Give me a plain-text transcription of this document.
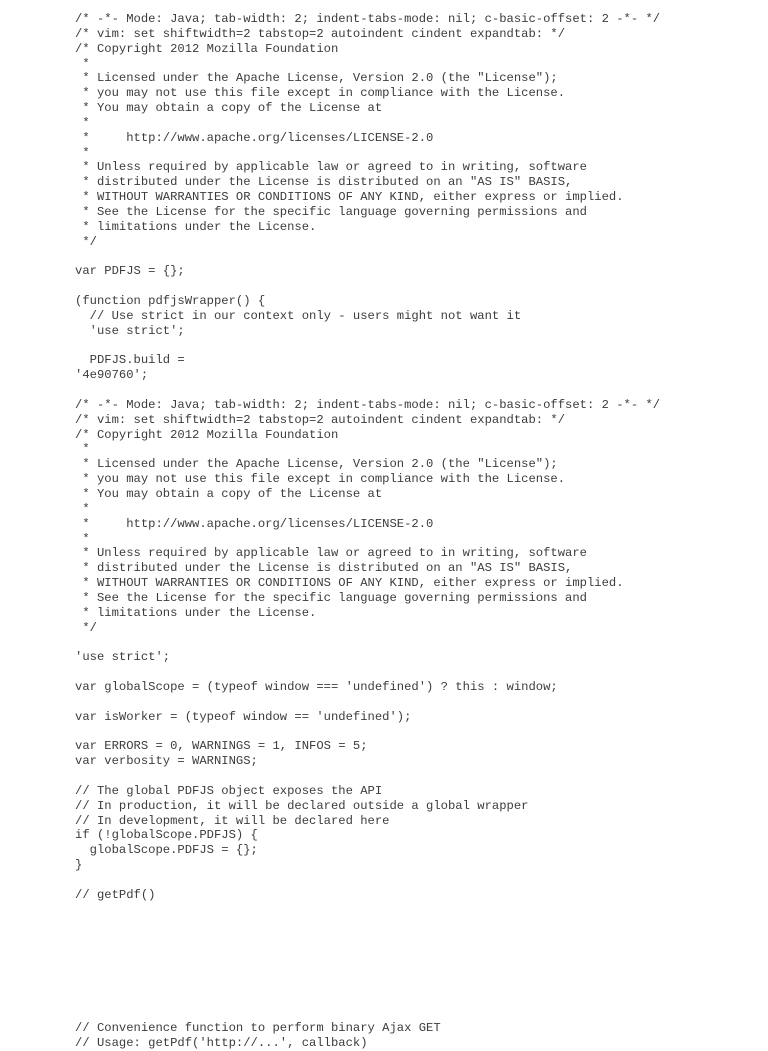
/* -*- Mode: Java; tab-width: 2; indent-tabs-mode: nil; c-basic-offset: 2 -*- */
/* vim: set shiftwidth=2 tabstop=2 autoindent cindent expandtab: */
/* Copyright 2012 Mozilla Foundation
*
* Licensed under the Apache License, Version 2.0 (the "License");
* you may not use this file except in compliance with the License.
* You may obtain a copy of the License at
*
*     http://www.apache.org/licenses/LICENSE-2.0
*
* Unless required by applicable law or agreed to in writing, software
* distributed under the License is distributed on an "AS IS" BASIS,
* WITHOUT WARRANTIES OR CONDITIONS OF ANY KIND, either express or implied.
* See the License for the specific language governing permissions and
* limitations under the License.
*/
var PDFJS = {};
(function pdfjsWrapper() {
// Use strict in our context only - users might not want it
'use strict';
PDFJS.build =
'4e90760';
/* -*- Mode: Java; tab-width: 2; indent-tabs-mode: nil; c-basic-offset: 2 -*- */
/* vim: set shiftwidth=2 tabstop=2 autoindent cindent expandtab: */
/* Copyright 2012 Mozilla Foundation
*
* Licensed under the Apache License, Version 2.0 (the "License");
* you may not use this file except in compliance with the License.
* You may obtain a copy of the License at
*
*     http://www.apache.org/licenses/LICENSE-2.0
*
* Unless required by applicable law or agreed to in writing, software
* distributed under the License is distributed on an "AS IS" BASIS,
* WITHOUT WARRANTIES OR CONDITIONS OF ANY KIND, either express or implied.
* See the License for the specific language governing permissions and
* limitations under the License.
*/
'use strict';
var globalScope = (typeof window === 'undefined') ? this : window;
var isWorker = (typeof window == 'undefined');
var ERRORS = 0, WARNINGS = 1, INFOS = 5;
var verbosity = WARNINGS;
// The global PDFJS object exposes the API
// In production, it will be declared outside a global wrapper
// In development, it will be declared here
if (!globalScope.PDFJS) {
globalScope.PDFJS = {};
}
// getPdf()
// Convenience function to perform binary Ajax GET
// Usage: getPdf('http://...', callback)
